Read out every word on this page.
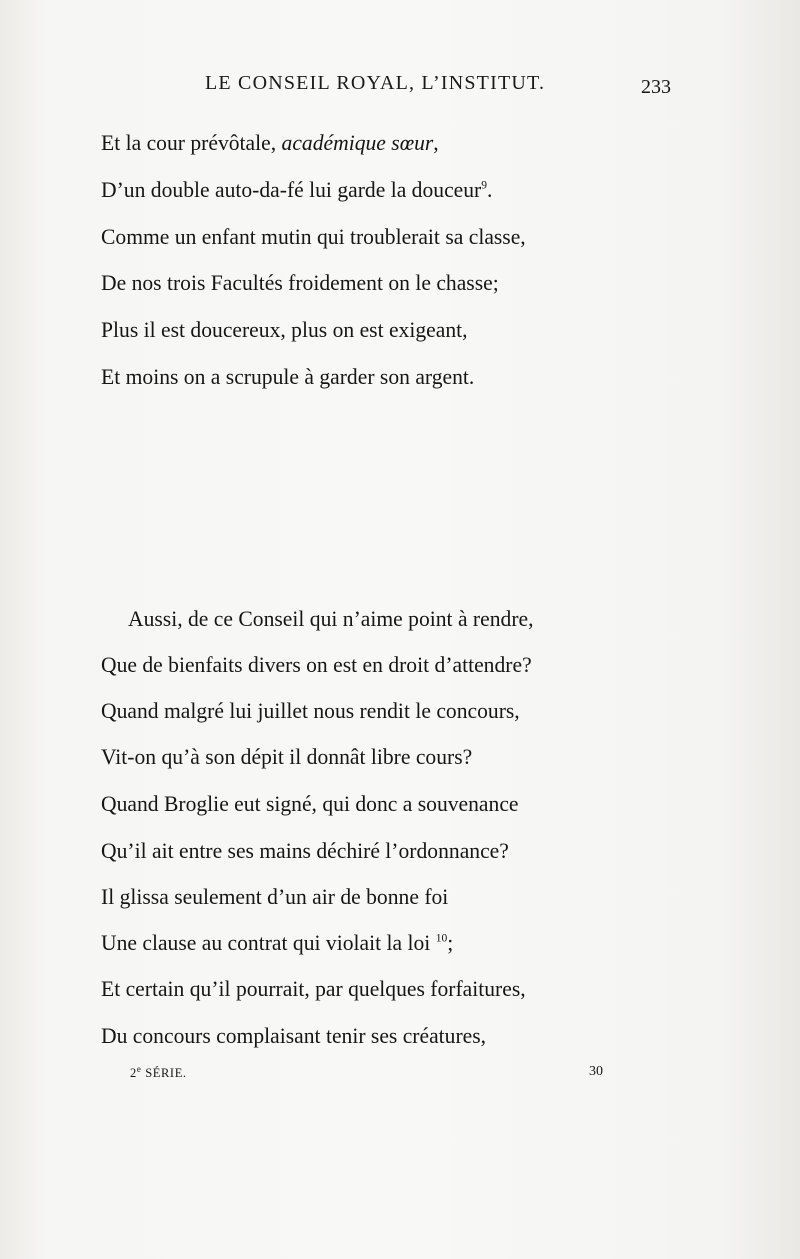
LE CONSEIL ROYAL, L’INSTITUT.	233
Et la cour prévôtale, académique sœur,
D’un double auto-da-fé lui garde la douceur$^9$.
Comme un enfant mutin qui troublerait sa classe,
De nos trois Facultés froidement on le chasse;
Plus il est doucereux, plus on est exigeant,
Et moins on a scrupule à garder son argent.
Aussi, de ce Conseil qui n’aime point à rendre,
Que de bienfaits divers on est en droit d’attendre?
Quand malgré lui juillet nous rendit le concours,
Vit-on qu’à son dépit il donnât libre cours?
Quand Broglie eut signé, qui donc a souvenance
Qu’il ait entre ses mains déchiré l’ordonnance?
Il glissa seulement d’un air de bonne foi
Une clause au contrat qui violait la loi $^{10}$;
Et certain qu’il pourrait, par quelques forfaitures,
Du concours complaisant tenir ses créatures,
2e SÉRIE.	30
